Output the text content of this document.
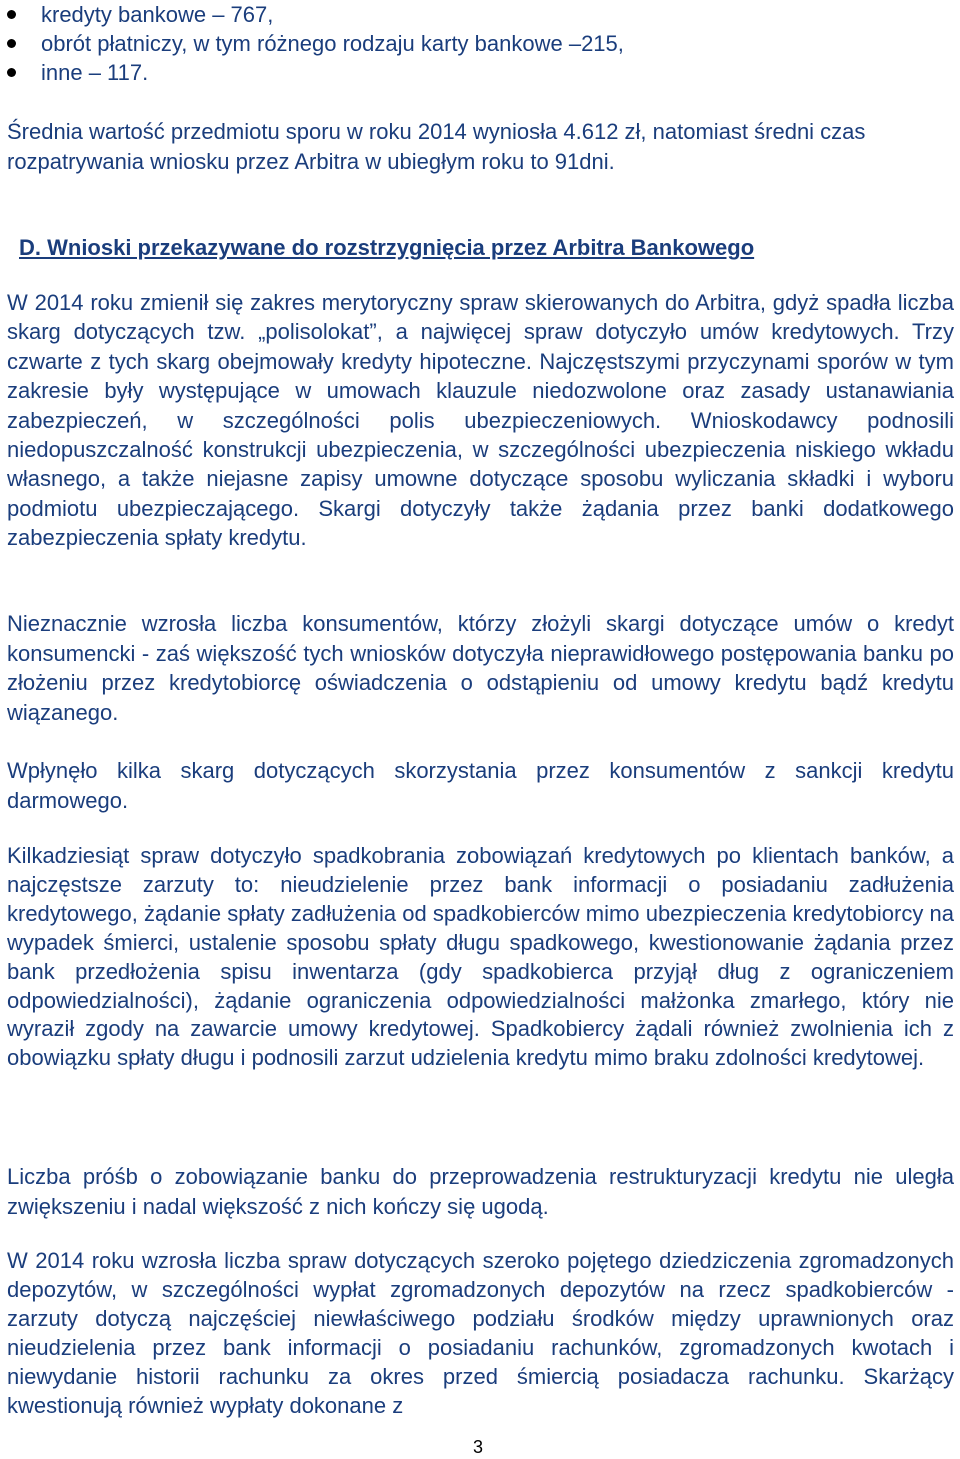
kredyty bankowe – 767,
obrót płatniczy, w tym różnego rodzaju karty bankowe –215,
inne – 117.

Średnia wartość przedmiotu sporu w roku 2014 wyniosła 4.612 zł, natomiast średni czas rozpatrywania wniosku przez Arbitra w ubiegłym roku to 91dni.

D. Wnioski przekazywane do rozstrzygnięcia przez Arbitra Bankowego

W 2014 roku zmienił się zakres merytoryczny spraw skierowanych do Arbitra, gdyż spadła liczba skarg dotyczących tzw. „polisolokat”, a najwięcej spraw dotyczyło umów kredytowych. Trzy czwarte z tych skarg obejmowały kredyty hipoteczne. Najczęstszymi przyczynami sporów w tym zakresie były występujące w umowach klauzule niedozwolone oraz zasady ustanawiania zabezpieczeń, w szczególności polis ubezpieczeniowych. Wnioskodawcy podnosili niedopuszczalność konstrukcji ubezpieczenia, w szczególności ubezpieczenia niskiego wkładu własnego, a także niejasne zapisy umowne dotyczące sposobu wyliczania składki i wyboru podmiotu ubezpieczającego. Skargi dotyczyły także żądania przez banki dodatkowego zabezpieczenia spłaty kredytu.

Nieznacznie wzrosła liczba konsumentów, którzy złożyli skargi dotyczące umów o kredyt konsumencki - zaś większość tych wniosków dotyczyła nieprawidłowego postępowania banku po złożeniu przez kredytobiorcę oświadczenia o odstąpieniu od umowy kredytu bądź kredytu wiązanego.

Wpłynęło kilka skarg dotyczących skorzystania przez konsumentów z sankcji kredytu darmowego.

Kilkadziesiąt spraw dotyczyło spadkobrania zobowiązań kredytowych po klientach banków, a najczęstsze zarzuty to: nieudzielenie przez bank informacji o posiadaniu zadłużenia kredytowego, żądanie spłaty zadłużenia od spadkobierców mimo ubezpieczenia kredytobiorcy na wypadek śmierci, ustalenie sposobu spłaty długu spadkowego, kwestionowanie żądania przez bank przedłożenia spisu inwentarza (gdy spadkobierca przyjął dług z ograniczeniem odpowiedzialności), żądanie ograniczenia odpowiedzialności małżonka zmarłego, który nie wyraził zgody na zawarcie umowy kredytowej. Spadkobiercy żądali również zwolnienia ich z obowiązku spłaty długu i podnosili zarzut udzielenia kredytu mimo braku zdolności kredytowej.

Liczba próśb o zobowiązanie banku do przeprowadzenia restrukturyzacji kredytu nie uległa zwiększeniu i nadal większość z nich kończy się ugodą.

W 2014 roku wzrosła liczba spraw dotyczących szeroko pojętego dziedziczenia zgromadzonych depozytów, w szczególności wypłat zgromadzonych depozytów na rzecz spadkobierców - zarzuty dotyczą najczęściej niewłaściwego podziału środków między uprawnionych oraz nieudzielenia przez bank informacji o posiadaniu rachunków, zgromadzonych kwotach i niewydanie historii rachunku za okres przed śmiercią posiadacza rachunku. Skarżący kwestionują również wypłaty dokonane z

3
